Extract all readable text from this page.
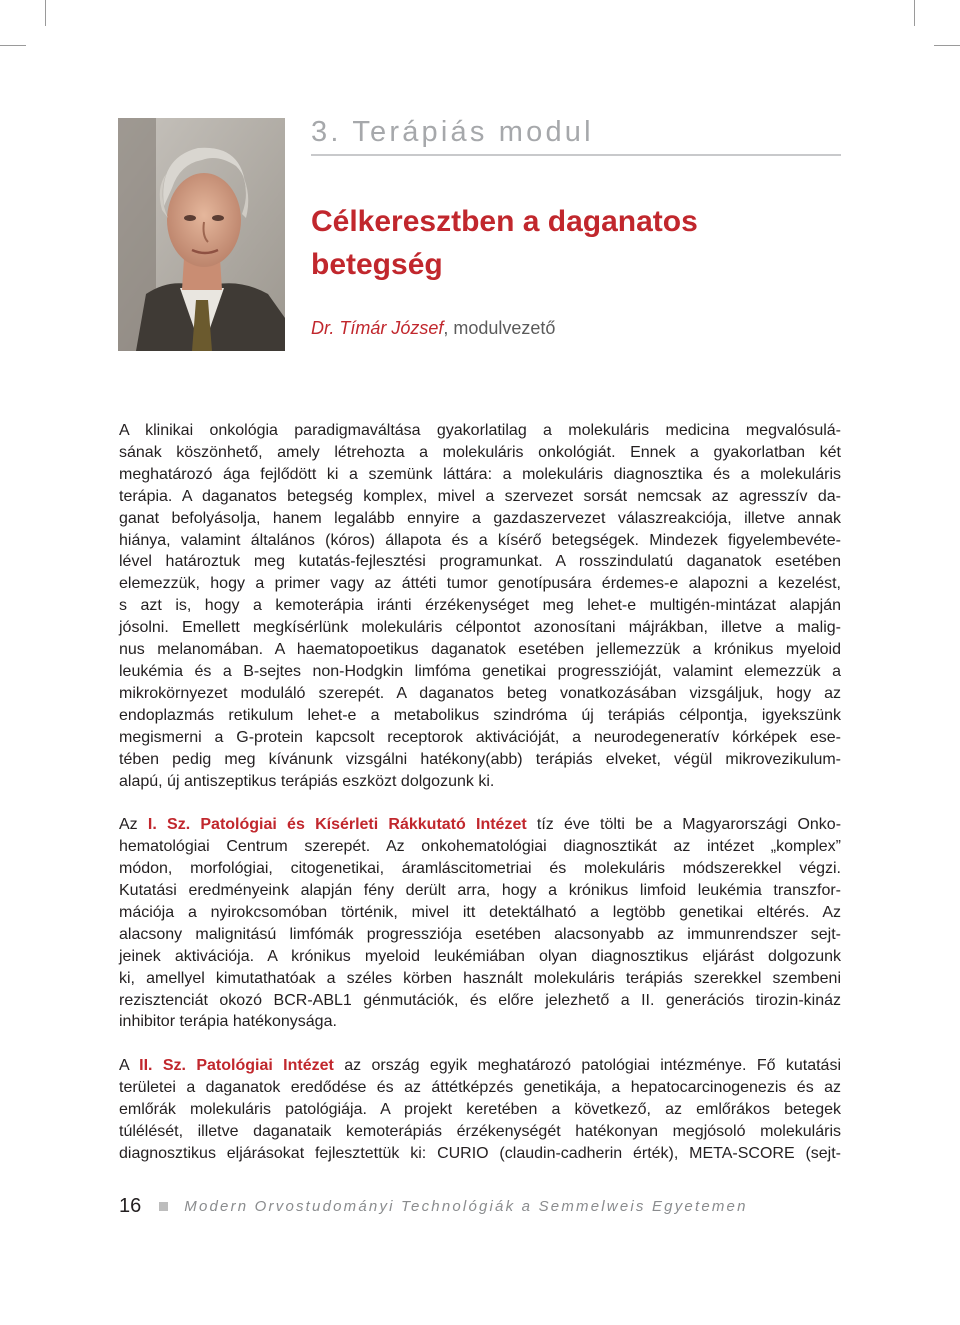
3. Terápiás modul
Célkeresztben a daganatos betegség
Dr. Tímár József, modulvezető
A klinikai onkológia paradigmaváltása gyakorlatilag a molekuláris medicina megvalósulá-
sának köszönhető, amely létrehozta a molekuláris onkológiát. Ennek a gyakorlatban két
meghatározó ága fejlődött ki a szemünk láttára: a molekuláris diagnosztika és a molekuláris
terápia. A daganatos betegség komplex, mivel a szervezet sorsát nemcsak az agresszív da-
ganat befolyásolja, hanem legalább ennyire a gazdaszervezet válaszreakciója, illetve annak
hiánya, valamint általános (kóros) állapota és a kísérő betegségek. Mindezek figyelembevéte-
lével határoztuk meg kutatás-fejlesztési programunkat. A rosszindulatú daganatok esetében
elemezzük, hogy a primer vagy az áttéti tumor genotípusára érdemes-e alapozni a kezelést,
s azt is, hogy a kemoterápia iránti érzékenységet meg lehet-e multigén-mintázat alapján
jósolni. Emellett megkísérlünk molekuláris célpontot azonosítani májrákban, illetve a malig-
nus melanomában. A haematopoetikus daganatok esetében jellemezzük a krónikus myeloid
leukémia és a B-sejtes non-Hodgkin limfóma genetikai progresszióját, valamint elemezzük a
mikrokörnyezet moduláló szerepét. A daganatos beteg vonatkozásában vizsgáljuk, hogy az
endoplazmás retikulum lehet-e a metabolikus szindróma új terápiás célpontja, igyekszünk
megismerni a G-protein kapcsolt receptorok aktivációját, a neurodegeneratív kórképek ese-
tében pedig meg kívánunk vizsgálni hatékony(abb) terápiás elveket, végül mikrovezikulum-
alapú, új antiszeptikus terápiás eszközt dolgozunk ki.
Az I. Sz. Patológiai és Kísérleti Rákkutató Intézet tíz éve tölti be a Magyarországi Onko-
hematológiai Centrum szerepét. Az onkohematológiai diagnosztikát az intézet „komplex”
módon, morfológiai, citogenetikai, áramláscitometriai és molekuláris módszerekkel végzi.
Kutatási eredményeink alapján fény derült arra, hogy a krónikus limfoid leukémia transzfor-
mációja a nyirokcsomóban történik, mivel itt detektálható a legtöbb genetikai eltérés. Az
alacsony malignitású limfómák progressziója esetében alacsonyabb az immunrendszer sejt-
jeinek aktivációja. A krónikus myeloid leukémiában olyan diagnosztikus eljárást dolgozunk
ki, amellyel kimutathatóak a széles körben használt molekuláris terápiás szerekkel szembeni
rezisztenciát okozó BCR-ABL1 génmutációk, és előre jelezhető a II. generációs tirozin-kináz
inhibitor terápia hatékonysága.
A II. Sz. Patológiai Intézet az ország egyik meghatározó patológiai intézménye. Fő kutatási
területei a daganatok eredődése és az áttétképzés genetikája, a hepatocarcinogenezis és az
emlőrák molekuláris patológiája. A projekt keretében a következő, az emlőrákos betegek
túlélését, illetve daganataik kemoterápiás érzékenységét hatékonyan megjósoló molekuláris
diagnosztikus eljárásokat fejlesztettük ki: CURIO (claudin-cadherin érték), META-SCORE (sejt-
16	Modern Orvostudományi Technológiák a Semmelweis Egyetemen
